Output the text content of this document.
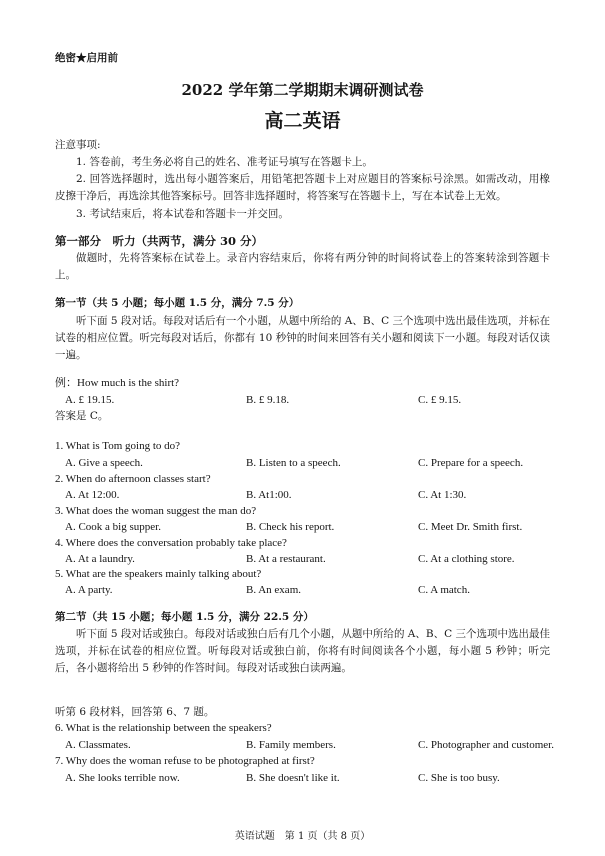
绝密★启用前
2022 学年第二学期期末调研测试卷
高二英语
注意事项:
1. 答卷前，考生务必将自己的姓名、准考证号填写在答题卡上。
2. 回答选择题时，选出每小题答案后，用铅笔把答题卡上对应题目的答案标号涂黑。如需改动，用橡皮擦干净后，再选涂其他答案标号。回答非选择题时，将答案写在答题卡上，写在本试卷上无效。
3. 考试结束后，将本试卷和答题卡一并交回。
第一部分　听力（共两节，满分 30 分）
做题时，先将答案标在试卷上。录音内容结束后，你将有两分钟的时间将试卷上的答案转涂到答题卡上。
第一节（共 5 小题；每小题 1.5 分，满分 7.5 分）
听下面 5 段对话。每段对话后有一个小题，从题中所给的 A、B、C 三个选项中选出最佳选项，并标在试卷的相应位置。听完每段对话后，你都有 10 秒钟的时间来回答有关小题和阅读下一小题。每段对话仅读一遍。
例：How much is the shirt?
A. £ 19.15.	B. £ 9.18.	C. £ 9.15.
答案是 C。
1. What is Tom going to do?
A. Give a speech.	B. Listen to a speech.	C. Prepare for a speech.
2. When do afternoon classes start?
A. At 12:00.	B. At1:00.	C. At 1:30.
3. What does the woman suggest the man do?
A. Cook a big supper.	B. Check his report.	C. Meet Dr. Smith first.
4. Where does the conversation probably take place?
A. At a laundry.	B. At a restaurant.	C. At a clothing store.
5. What are the speakers mainly talking about?
A. A party.	B. An exam.	C. A match.
第二节（共 15 小题；每小题 1.5 分，满分 22.5 分）
听下面 5 段对话或独白。每段对话或独白后有几个小题，从题中所给的 A、B、C 三个选项中选出最佳选项，并标在试卷的相应位置。听每段对话或独白前，你将有时间阅读各个小题，每小题 5 秒钟；听完后，各小题将给出 5 秒钟的作答时间。每段对话或独白读两遍。
听第 6 段材料，回答第 6、7 题。
6. What is the relationship between the speakers?
A. Classmates.	B. Family members.	C. Photographer and customer.
7. Why does the woman refuse to be photographed at first?
A. She looks terrible now.	B. She doesn't like it.	C. She is too busy.
英语试题　第 1 页（共 8 页）
